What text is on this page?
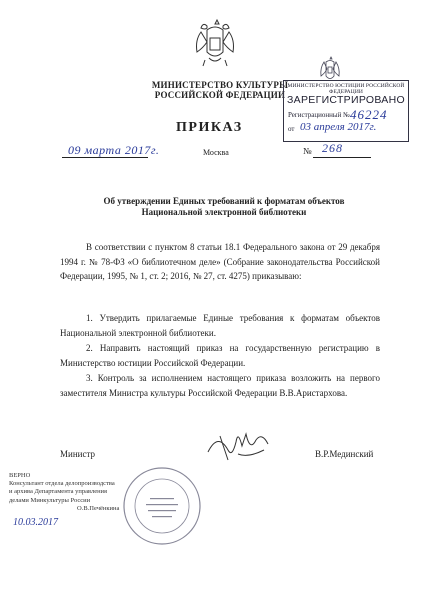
МИНИСТЕРСТВО КУЛЬТУРЫ
РОССИЙСКОЙ ФЕДЕРАЦИИ
МИНИСТЕРСТВО ЮСТИЦИИ РОССИЙСКОЙ ФЕДЕРАЦИИ
ЗАРЕГИСТРИРОВАНО
Регистрационный № 46224
от 03 апреля 2017г.
ПРИКАЗ
09 марта 2017г.	Москва	№ 268
Об утверждении Единых требований к форматам объектов
Национальной электронной библиотеки
В соответствии с пунктом 8 статьи 18.1 Федерального закона от 29 декабря 1994 г. № 78-ФЗ «О библиотечном деле» (Собрание законодательства Российской Федерации, 1995, № 1, ст. 2; 2016, № 27, ст. 4275) приказываю:
1. Утвердить прилагаемые Единые требования к форматам объектов Национальной электронной библиотеки.
2. Направить настоящий приказ на государственную регистрацию в Министерство юстиции Российской Федерации.
3. Контроль за исполнением настоящего приказа возложить на первого заместителя Министра культуры Российской Федерации В.В.Аристархова.
Министр	В.Р.Мединский
ВЕРНО
Консультант отдела делопроизводства
и архива Департамента управления
делами Минкультуры России
О.В.Печёнкина
10.03.2017
